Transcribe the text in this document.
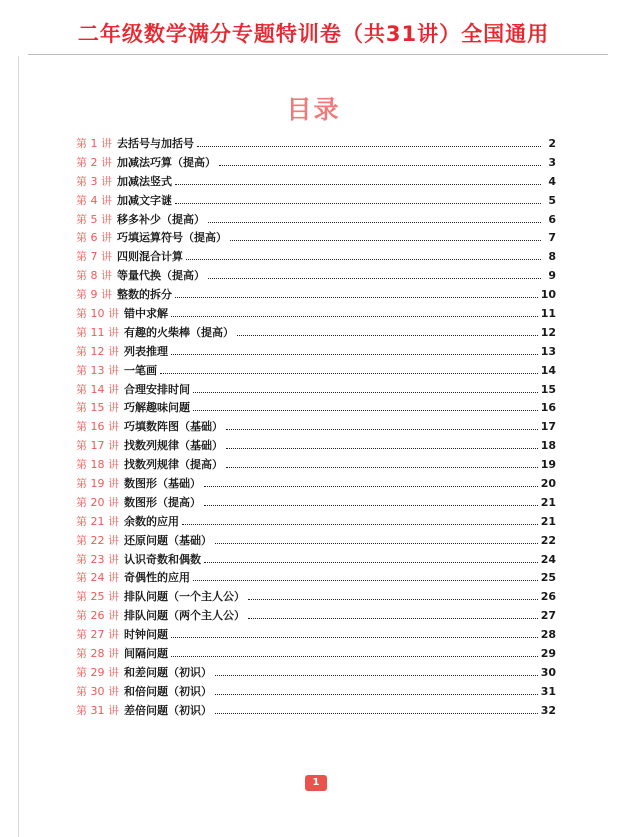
二年级数学满分专题特训卷（共31讲）全国通用
目录
第 1 讲 去括号与加括号	2
第 2 讲 加减法巧算（提高）	3
第 3 讲 加减法竖式	4
第 4 讲 加减文字谜	5
第 5 讲 移多补少（提高）	6
第 6 讲 巧填运算符号（提高）	7
第 7 讲 四则混合计算	8
第 8 讲 等量代换（提高）	9
第 9 讲 整数的拆分	10
第 10 讲 错中求解	11
第 11 讲 有趣的火柴棒（提高）	12
第 12 讲 列表推理	13
第 13 讲 一笔画	14
第 14 讲 合理安排时间	15
第 15 讲 巧解趣味问题	16
第 16 讲 巧填数阵图（基础）	17
第 17 讲 找数列规律（基础）	18
第 18 讲 找数列规律（提高）	19
第 19 讲 数图形（基础）	20
第 20 讲 数图形（提高）	21
第 21 讲 余数的应用	21
第 22 讲 还原问题（基础）	22
第 23 讲 认识奇数和偶数	24
第 24 讲 奇偶性的应用	25
第 25 讲 排队问题（一个主人公）	26
第 26 讲 排队问题（两个主人公）	27
第 27 讲 时钟问题	28
第 28 讲 间隔问题	29
第 29 讲 和差问题（初识）	30
第 30 讲 和倍问题（初识）	31
第 31 讲 差倍问题（初识）	32
1
